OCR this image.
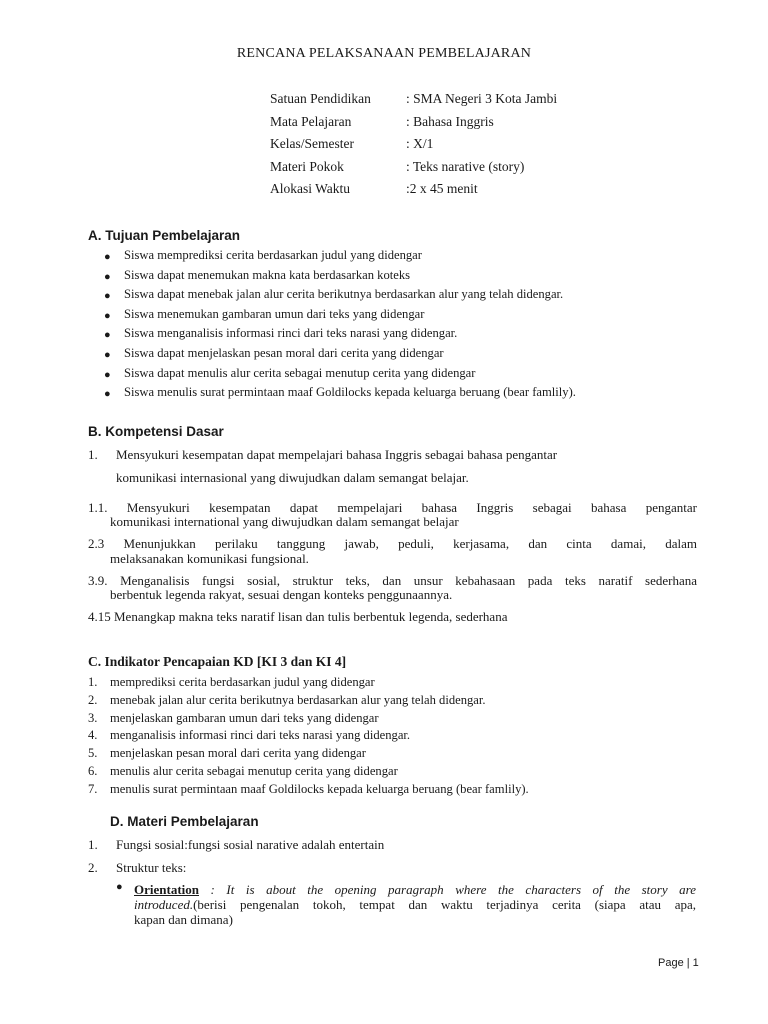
RENCANA PELAKSANAAN PEMBELAJARAN
Satuan Pendidikan	: SMA Negeri 3 Kota Jambi
Mata Pelajaran	: Bahasa Inggris
Kelas/Semester	: X/1
Materi Pokok	: Teks narative (story)
Alokasi Waktu	:2 x 45 menit
A. Tujuan Pembelajaran
●	Siswa memprediksi cerita berdasarkan judul yang didengar
●	Siswa dapat menemukan makna kata berdasarkan koteks
●	Siswa dapat menebak jalan alur cerita berikutnya berdasarkan alur yang telah didengar.
●	Siswa menemukan gambaran umun dari teks yang didengar
●	Siswa menganalisis informasi rinci dari teks narasi yang didengar.
●	Siswa dapat menjelaskan pesan moral dari cerita yang didengar
●	Siswa dapat menulis alur cerita sebagai menutup cerita yang didengar
●	Siswa menulis surat permintaan maaf Goldilocks kepada keluarga beruang (bear famlily).
B. Kompetensi Dasar
1. Mensyukuri kesempatan dapat mempelajari bahasa Inggris sebagai bahasa pengantar
komunikasi internasional yang diwujudkan dalam semangat belajar.
1.1. Mensyukuri kesempatan dapat mempelajari bahasa Inggris sebagai bahasa pengantar
komunikasi international yang diwujudkan dalam semangat belajar
2.3 Menunjukkan perilaku tanggung jawab, peduli, kerjasama, dan cinta damai, dalam
melaksanakan komunikasi fungsional.
3.9. Menganalisis fungsi sosial, struktur teks, dan unsur kebahasaan pada teks naratif sederhana
berbentuk legenda rakyat, sesuai dengan konteks penggunaannya.
4.15 Menangkap makna teks naratif lisan dan tulis berbentuk legenda, sederhana
C. Indikator Pencapaian KD [KI 3 dan KI 4]
1. memprediksi cerita berdasarkan judul yang didengar
2. menebak jalan alur cerita berikutnya berdasarkan alur yang telah didengar.
3. menjelaskan gambaran umun dari teks yang didengar
4. menganalisis informasi rinci dari teks narasi yang didengar.
5. menjelaskan pesan moral dari cerita yang didengar
6. menulis alur cerita sebagai menutup cerita yang didengar
7. menulis surat permintaan maaf Goldilocks kepada keluarga beruang (bear famlily).
D. Materi Pembelajaran
1. Fungsi sosial:fungsi sosial narative adalah entertain
2. Struktur teks:
● Orientation : It is about the opening paragraph where the characters of the story are
introduced.(berisi pengenalan tokoh, tempat dan waktu terjadinya cerita (siapa atau apa,
kapan dan dimana)
Page | 1
